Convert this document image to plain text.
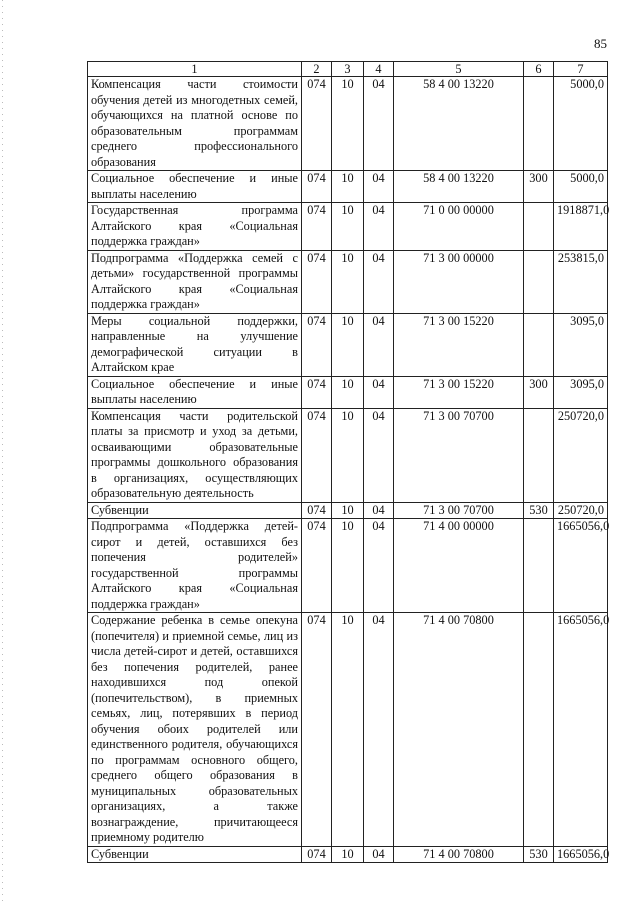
85
1	2	3	4	5	6	7
Компенсация части стоимости обучения детей из многодетных семей, обучающихся на платной основе по образовательным программам среднего профессионального образования	074	10	04	58 4 00 13220		5000,0
Социальное обеспечение и иные выплаты населению	074	10	04	58 4 00 13220	300	5000,0
Государственная программа Алтайского края «Социальная поддержка граждан»	074	10	04	71 0 00 00000		1918871,0
Подпрограмма «Поддержка семей с детьми» государственной программы Алтайского края «Социальная поддержка граждан»	074	10	04	71 3 00 00000		253815,0
Меры социальной поддержки, направленные на улучшение демографической ситуации в Алтайском крае	074	10	04	71 3 00 15220		3095,0
Социальное обеспечение и иные выплаты населению	074	10	04	71 3 00 15220	300	3095,0
Компенсация части родительской платы за присмотр и уход за детьми, осваивающими образовательные программы дошкольного образования в организациях, осуществляющих образовательную деятельность	074	10	04	71 3 00 70700		250720,0
Субвенции	074	10	04	71 3 00 70700	530	250720,0
Подпрограмма «Поддержка детей-сирот и детей, оставшихся без попечения родителей» государственной программы Алтайского края «Социальная поддержка граждан»	074	10	04	71 4 00 00000		1665056,0
Содержание ребенка в семье опекуна (попечителя) и приемной семье, лиц из числа детей-сирот и детей, оставшихся без попечения родителей, ранее находившихся под опекой (попечительством), в приемных семьях, лиц, потерявших в период обучения обоих родителей или единственного родителя, обучающихся по программам основного общего, среднего общего образования в муниципальных образовательных организациях, а также вознаграждение, причитающееся приемному родителю	074	10	04	71 4 00 70800		1665056,0
Субвенции	074	10	04	71 4 00 70800	530	1665056,0
